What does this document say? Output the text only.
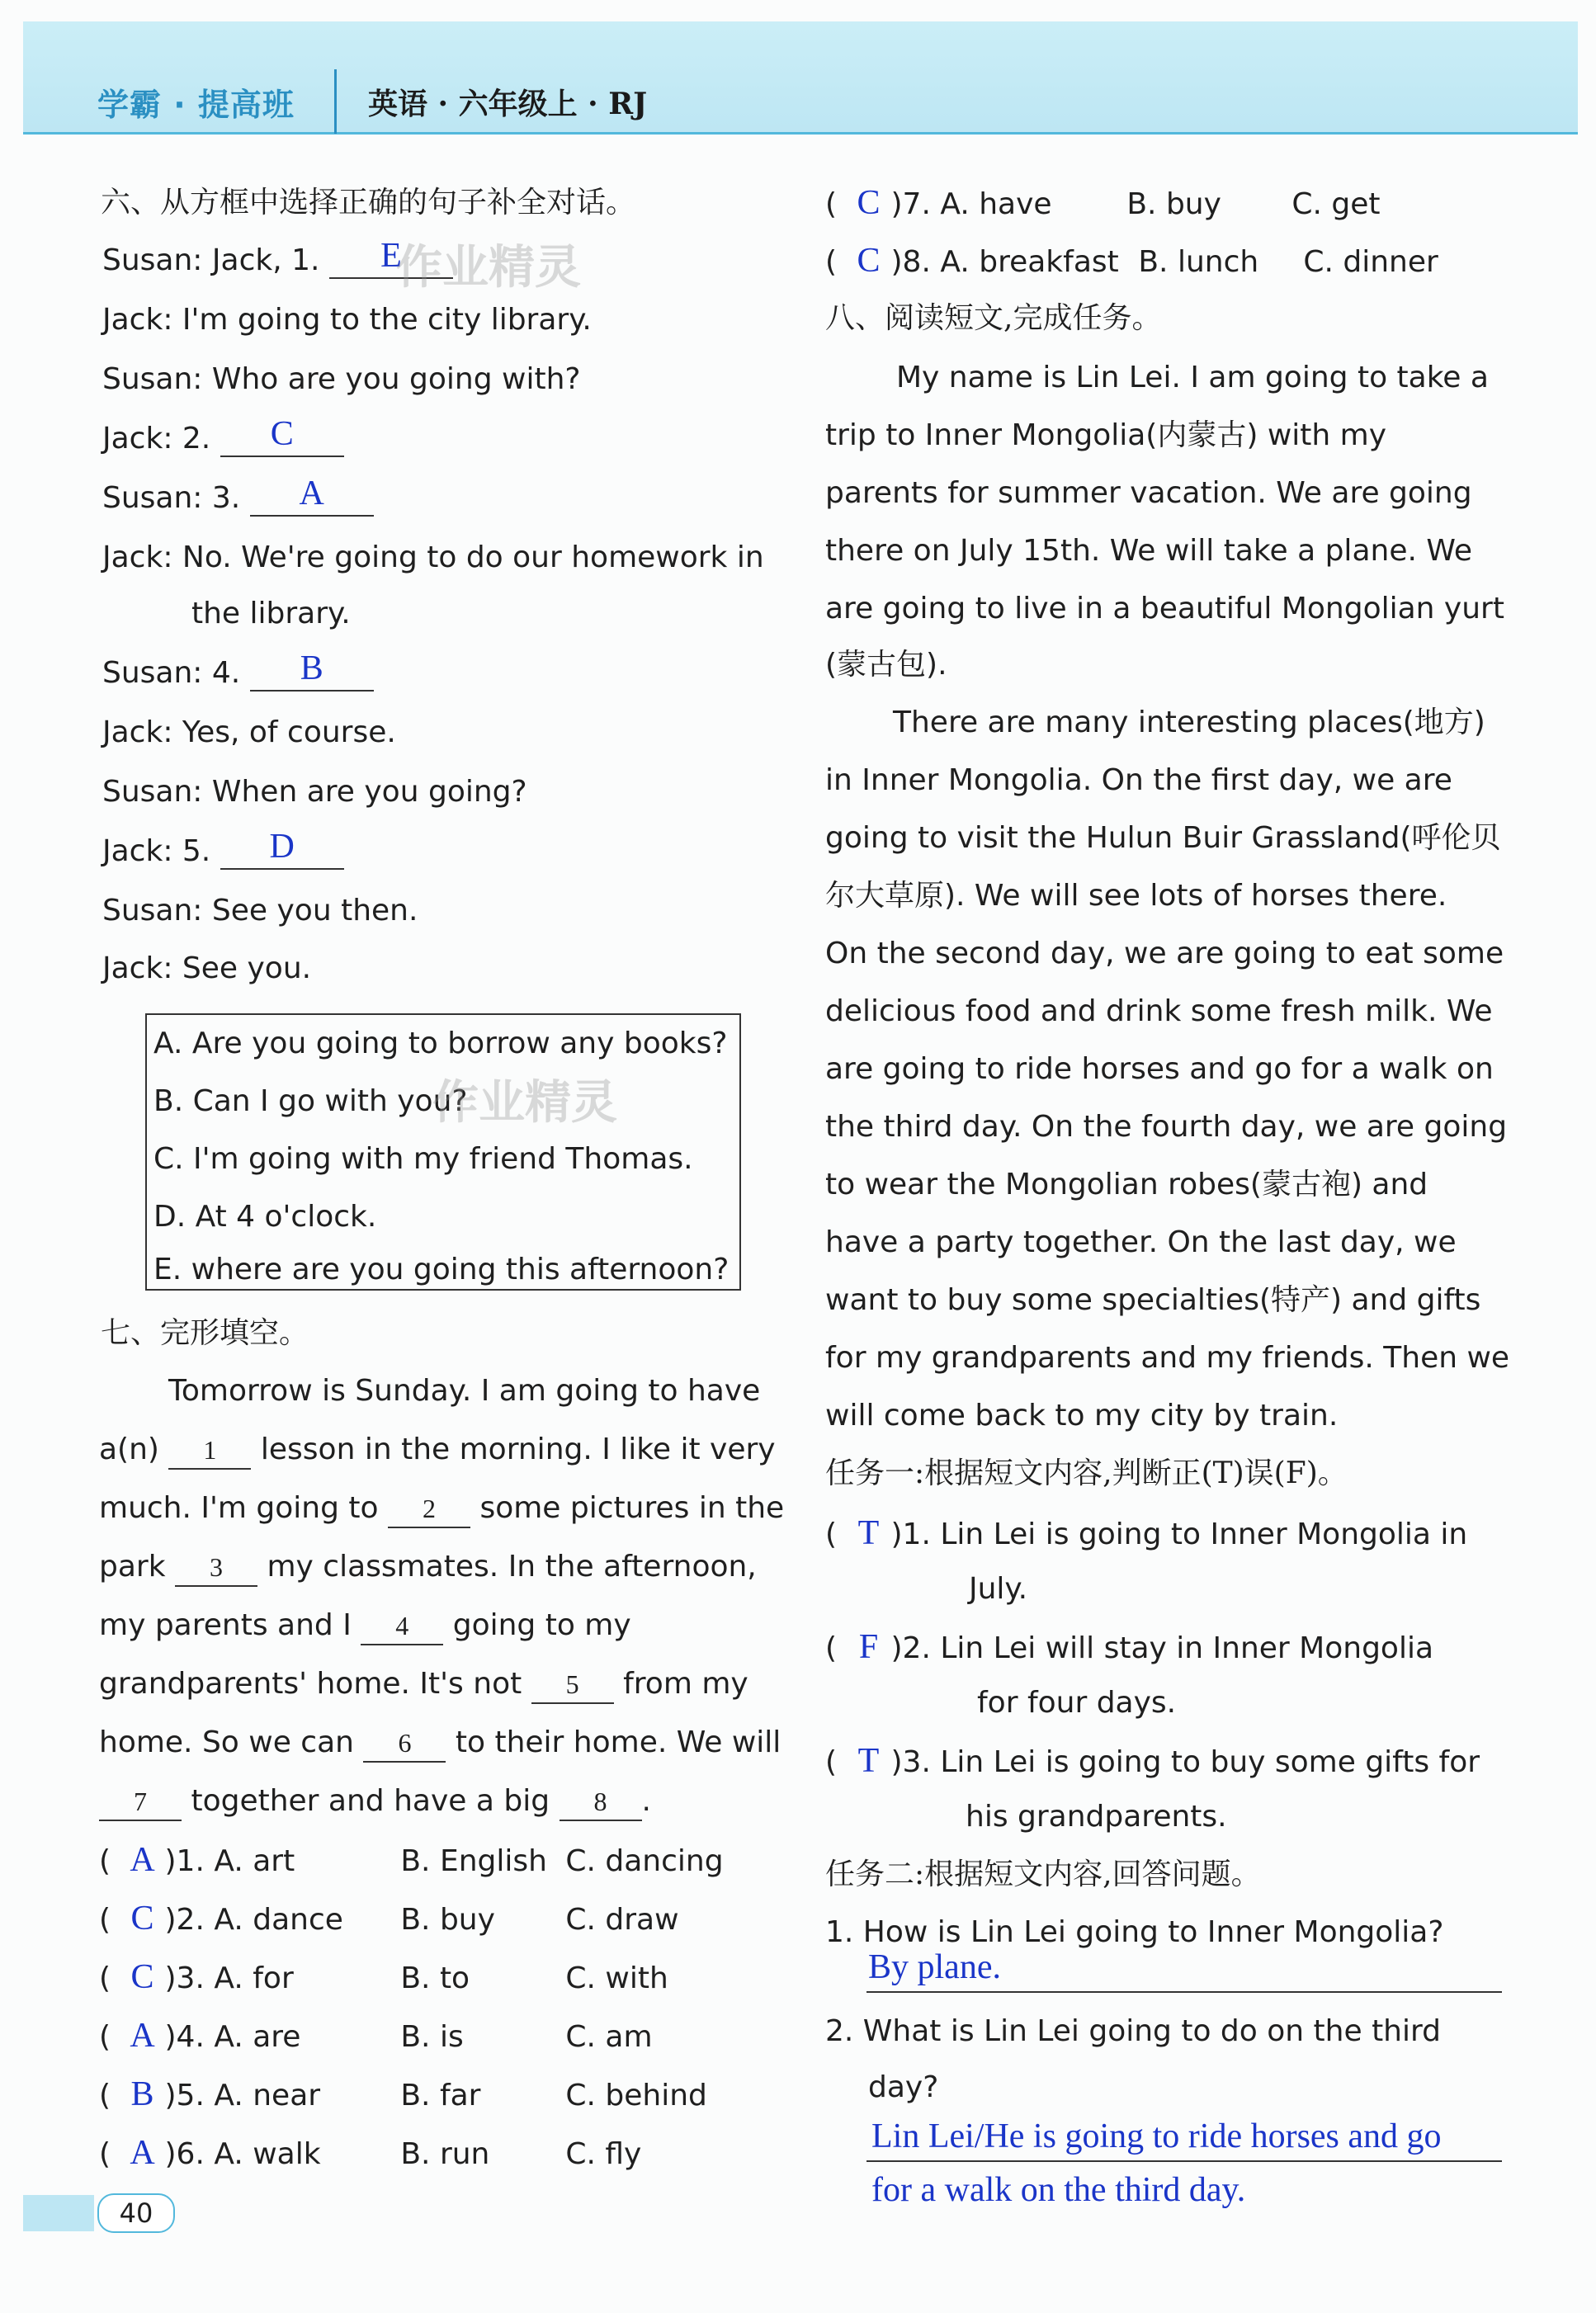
学霸 · 提高班 英语 · 六年级上 · RJ
六、从方框中选择正确的句子补全对话。
Susan: Jack, 1.	E
Jack: I'm going to the city library.
Susan: Who are you going with?
Jack: 2.	C
Susan: 3.	A
Jack: No. We're going to do our homework in
the library.
Susan: 4.	B
Jack: Yes, of course.
Susan: When are you going?
Jack: 5.	D
Susan: See you then.
Jack: See you.
A. Are you going to borrow any books?
B. Can I go with you?
C. I'm going with my friend Thomas.
D. At 4 o'clock.
E. where are you going this afternoon?
七、完形填空。
Tomorrow is Sunday. I am going to have
a(n) 1 lesson in the morning. I like it very
much. I'm going to 2 some pictures in the
park 3 my classmates. In the afternoon,
my parents and I 4 going to my
grandparents' home. It's not 5 from my
home. So we can 6 to their home. We will
7 together and have a big 8 .
( A )1. A. art	B. English C. dancing
( C )2. A. dance B. buy C. draw
( C )3. A. for	B. to	C. with
( A )4. A. are	B. is	C. am
( B )5. A. near	B. far	C. behind
( A )6. A. walk	B. run	C. fly
( C )7. A. have	B. buy C. get
( C )8. A. breakfast B. lunch C. dinner
八、阅读短文,完成任务。
My name is Lin Lei. I am going to take a
trip to Inner Mongolia(内蒙古) with my
parents for summer vacation. We are going
there on July 15th. We will take a plane. We
are going to live in a beautiful Mongolian yurt
(蒙古包).
There are many interesting places(地方)
in Inner Mongolia. On the first day, we are
going to visit the Hulun Buir Grassland(呼伦贝
尔大草原). We will see lots of horses there.
On the second day, we are going to eat some
delicious food and drink some fresh milk. We
are going to ride horses and go for a walk on
the third day. On the fourth day, we are going
to wear the Mongolian robes(蒙古袍) and
have a party together. On the last day, we
want to buy some specialties(特产) and gifts
for my grandparents and my friends. Then we
will come back to my city by train.
任务一:根据短文内容,判断正(T)误(F)。
( T )1. Lin Lei is going to Inner Mongolia in
July.
( F )2. Lin Lei will stay in Inner Mongolia
for four days.
( T )3. Lin Lei is going to buy some gifts for
his grandparents.
任务二:根据短文内容,回答问题。
1. How is Lin Lei going to Inner Mongolia?
By plane.
2. What is Lin Lei going to do on the third
day?
Lin Lei/He is going to ride horses and go
for a walk on the third day.
作业精灵
作业精灵
40
